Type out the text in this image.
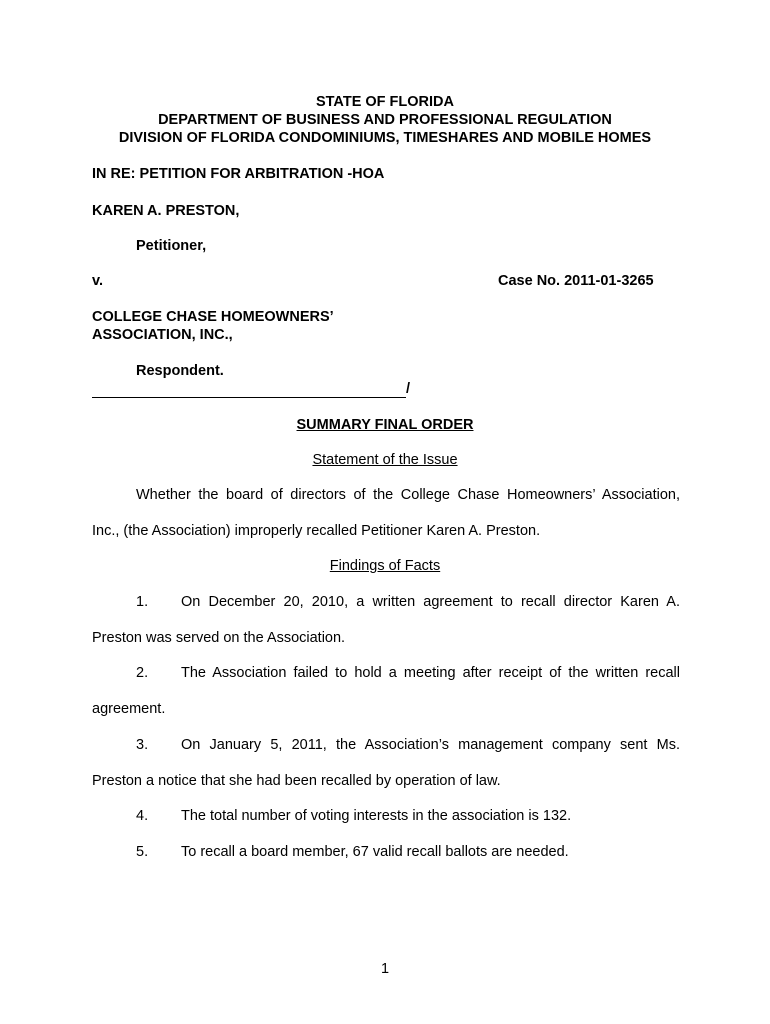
STATE OF FLORIDA
DEPARTMENT OF BUSINESS AND PROFESSIONAL REGULATION
DIVISION OF FLORIDA CONDOMINIUMS, TIMESHARES AND MOBILE HOMES
IN RE: PETITION FOR ARBITRATION -HOA
KAREN A. PRESTON,
Petitioner,
v.	Case No. 2011-01-3265
COLLEGE CHASE HOMEOWNERS’
ASSOCIATION, INC.,
Respondent.
/
SUMMARY FINAL ORDER
Statement of the Issue
Whether the board of directors of the College Chase Homeowners’ Association,
Inc., (the Association) improperly recalled Petitioner Karen A. Preston.
Findings of Facts
1. On December 20, 2010, a written agreement to recall director Karen A.
Preston was served on the Association.
2. The Association failed to hold a meeting after receipt of the written recall
agreement.
3. On January 5, 2011, the Association’s management company sent Ms.
Preston a notice that she had been recalled by operation of law.
4. The total number of voting interests in the association is 132.
5. To recall a board member, 67 valid recall ballots are needed.
1
